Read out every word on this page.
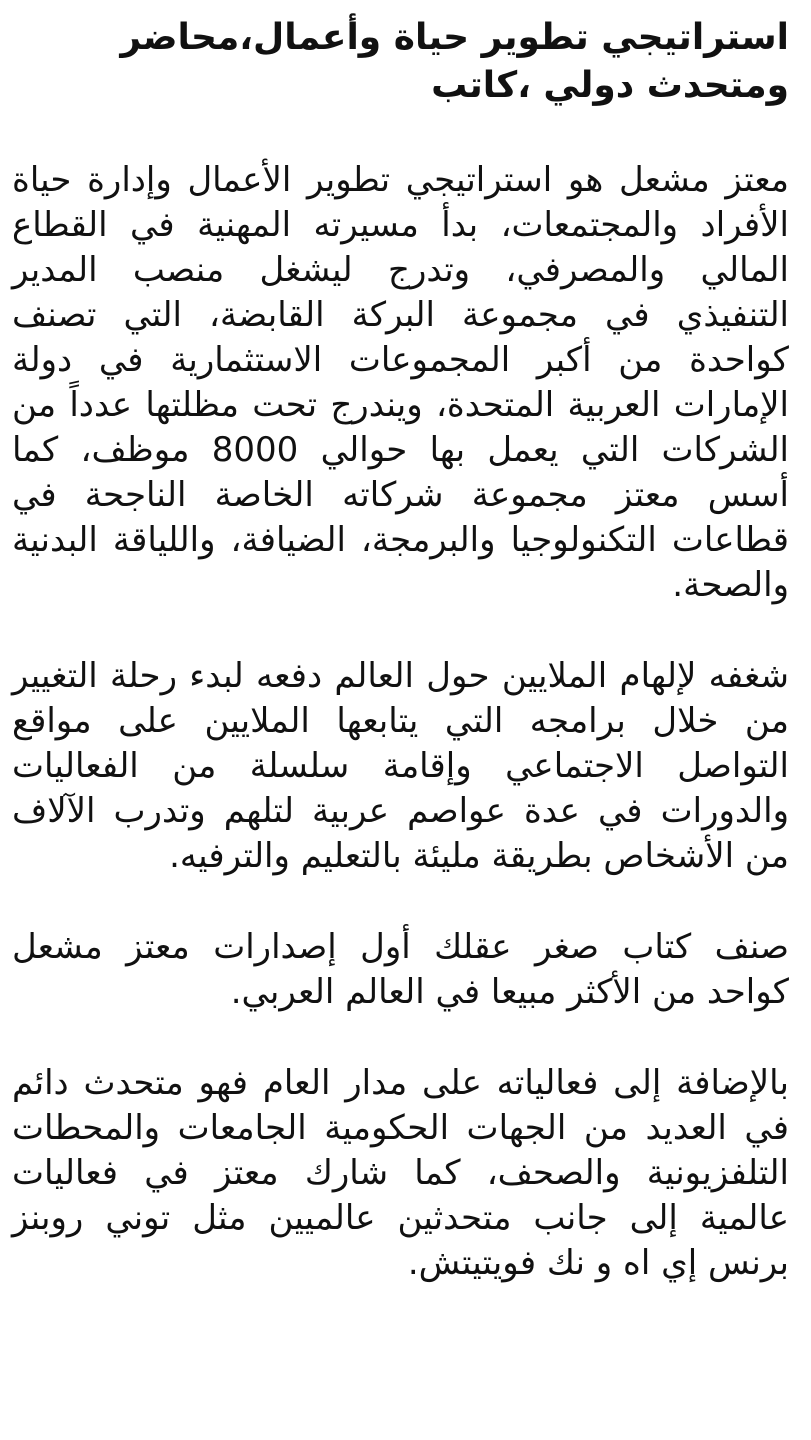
استراتيجي تطوير حياة وأعمال،محاضر ومتحدث دولي ،كاتب

معتز مشعل هو استراتيجي تطوير الأعمال وإدارة حياة الأفراد والمجتمعات، بدأ مسيرته المهنية في القطاع المالي والمصرفي، وتدرج ليشغل منصب المدير التنفيذي في مجموعة البركة القابضة، التي تصنف كواحدة من أكبر المجموعات الاستثمارية في دولة الإمارات العربية المتحدة، ويندرج تحت مظلتها عدداً من الشركات التي يعمل بها حوالي 8000 موظف، كما أسس معتز مجموعة شركاته الخاصة الناجحة في قطاعات التكنولوجيا والبرمجة، الضيافة، واللياقة البدنية والصحة.

شغفه لإلهام الملايين حول العالم دفعه لبدء رحلة التغيير من خلال برامجه التي يتابعها الملايين على مواقع التواصل الاجتماعي وإقامة سلسلة من الفعاليات والدورات في عدة عواصم عربية لتلهم وتدرب الآلاف من الأشخاص بطريقة مليئة بالتعليم والترفيه.

صنف كتاب صغر عقلك أول إصدارات معتز مشعل كواحد من الأكثر مبيعا في العالم العربي.

بالإضافة إلى فعالياته على مدار العام فهو متحدث دائم في العديد من الجهات الحكومية الجامعات والمحطات التلفزيونية والصحف، كما شارك معتز في فعاليات عالمية إلى جانب متحدثين عالميين مثل توني روبنز برنس إي اه و نك فويتيتش.
